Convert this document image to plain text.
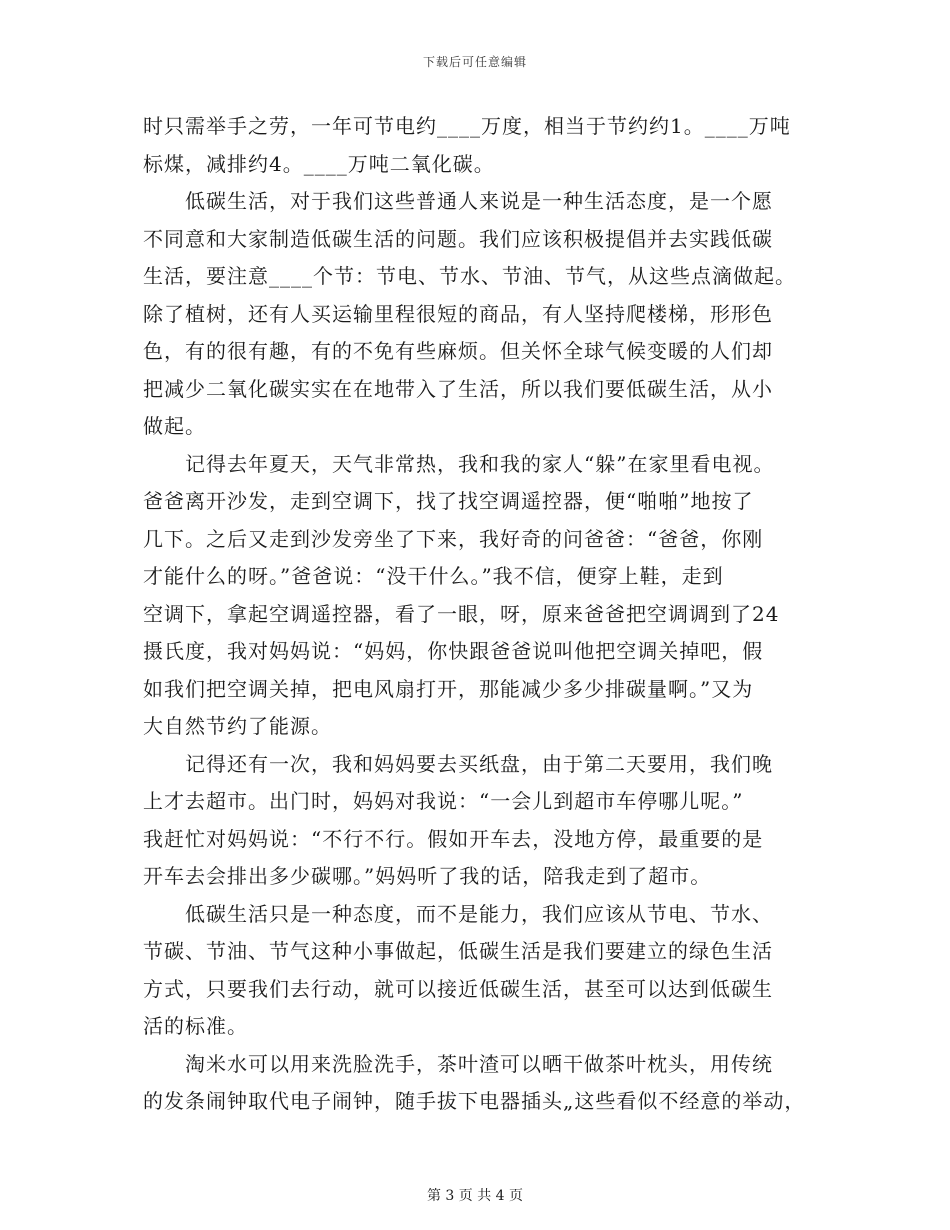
下载后可任意编辑
时只需举手之劳，一年可节电约____万度，相当于节约约1。____万吨
标煤，减排约4。____万吨二氧化碳。
低碳生活，对于我们这些普通人来说是一种生活态度，是一个愿
不同意和大家制造低碳生活的问题。我们应该积极提倡并去实践低碳
生活，要注意____个节：节电、节水、节油、节气，从这些点滴做起。
除了植树，还有人买运输里程很短的商品，有人坚持爬楼梯，形形色
色，有的很有趣，有的不免有些麻烦。但关怀全球气候变暖的人们却
把减少二氧化碳实实在在地带入了生活，所以我们要低碳生活，从小
做起。
记得去年夏天，天气非常热，我和我的家人“躲”在家里看电视。
爸爸离开沙发，走到空调下，找了找空调遥控器，便“啪啪”地按了
几下。之后又走到沙发旁坐了下来，我好奇的问爸爸：“爸爸，你刚
才能什么的呀。”爸爸说：“没干什么。”我不信，便穿上鞋，走到
空调下，拿起空调遥控器，看了一眼，呀，原来爸爸把空调调到了24
摄氏度，我对妈妈说：“妈妈，你快跟爸爸说叫他把空调关掉吧，假
如我们把空调关掉，把电风扇打开，那能减少多少排碳量啊。”又为
大自然节约了能源。
记得还有一次，我和妈妈要去买纸盘，由于第二天要用，我们晚
上才去超市。出门时，妈妈对我说：“一会儿到超市车停哪儿呢。”
我赶忙对妈妈说：“不行不行。假如开车去，没地方停，最重要的是
开车去会排出多少碳哪。”妈妈听了我的话，陪我走到了超市。
低碳生活只是一种态度，而不是能力，我们应该从节电、节水、
节碳、节油、节气这种小事做起，低碳生活是我们要建立的绿色生活
方式，只要我们去行动，就可以接近低碳生活，甚至可以达到低碳生
活的标准。
淘米水可以用来洗脸洗手，茶叶渣可以晒干做茶叶枕头，用传统
的发条闹钟取代电子闹钟，随手拔下电器插头„这些看似不经意的举动，
第 3 页 共 4 页
